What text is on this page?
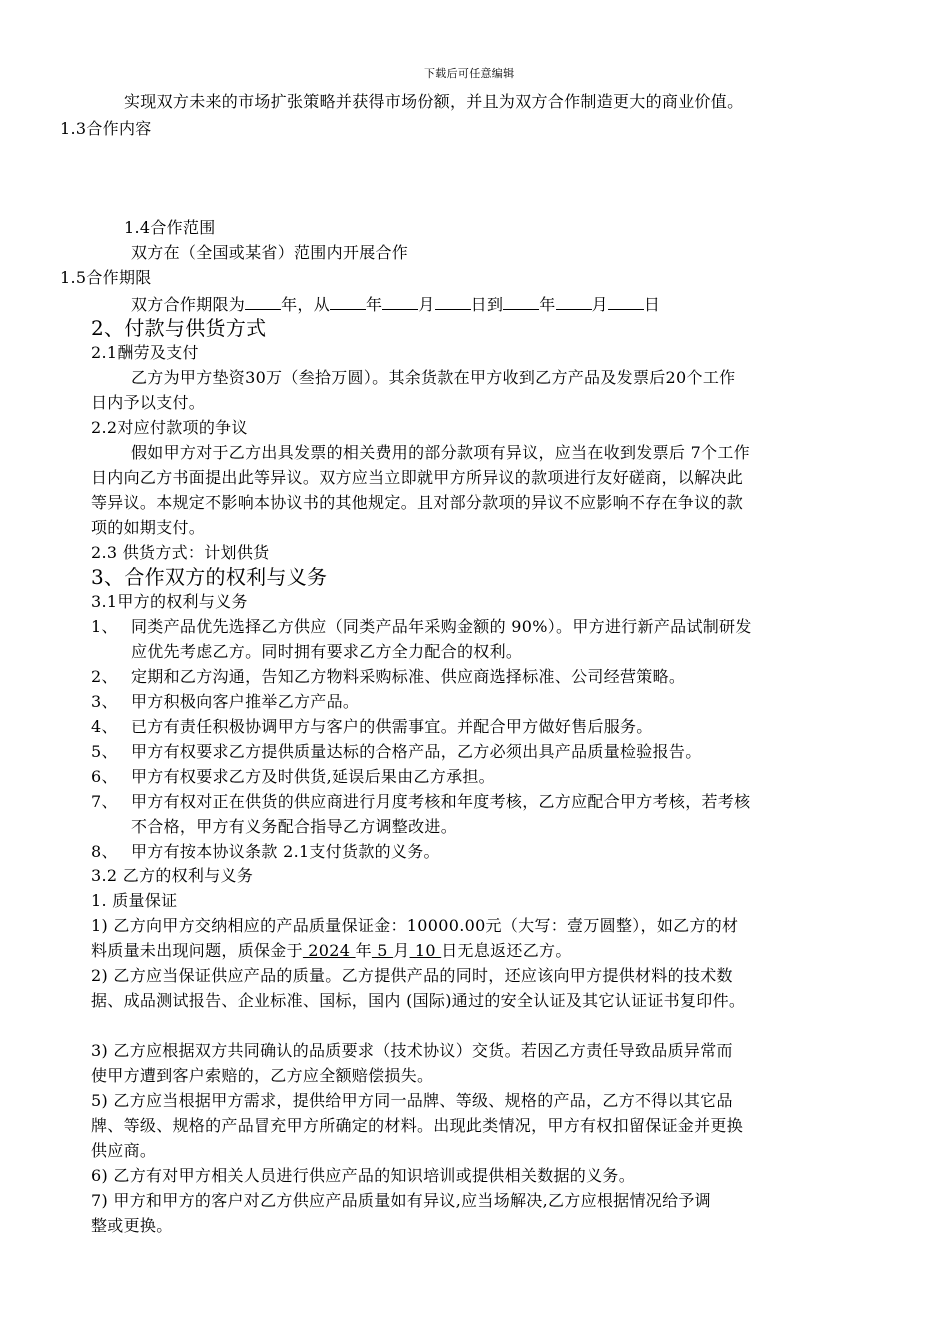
下载后可任意编辑
实现双方未来的市场扩张策略并获得市场份额，并且为双方合作制造更大的商业价值。
1.3合作内容
1.4合作范围
双方在（全国或某省）范围内开展合作
1.5合作期限
双方合作期限为 年，从 年 月 日到 年 月 日
2、付款与供货方式
2.1酬劳及支付
乙方为甲方垫资30万（叁拾万圆）。其余货款在甲方收到乙方产品及发票后20个工作
日内予以支付。
2.2对应付款项的争议
假如甲方对于乙方出具发票的相关费用的部分款项有异议，应当在收到发票后 7个工作
日内向乙方书面提出此等异议。双方应当立即就甲方所异议的款项进行友好磋商，以解决此
等异议。本规定不影响本协议书的其他规定。且对部分款项的异议不应影响不存在争议的款
项的如期支付。
2.3 供货方式：计划供货
3、合作双方的权利与义务
3.1甲方的权利与义务
1、 同类产品优先选择乙方供应（同类产品年采购金额的 90%）。甲方进行新产品试制研发
应优先考虑乙方。同时拥有要求乙方全力配合的权利。
2、 定期和乙方沟通，告知乙方物料采购标准、供应商选择标准、公司经营策略。
3、 甲方积极向客户推举乙方产品。
4、 已方有责任积极协调甲方与客户的供需事宜。并配合甲方做好售后服务。
5、 甲方有权要求乙方提供质量达标的合格产品，乙方必须出具产品质量检验报告。
6、 甲方有权要求乙方及时供货,延误后果由乙方承担。
7、 甲方有权对正在供货的供应商进行月度考核和年度考核，乙方应配合甲方考核，若考核
不合格，甲方有义务配合指导乙方调整改进。
8、 甲方有按本协议条款 2.1支付货款的义务。
3.2 乙方的权利与义务
1. 质量保证
1) 乙方向甲方交纳相应的产品质量保证金：10000.00元（大写：壹万圆整），如乙方的材
料质量未出现问题，质保金于 2024 年 5 月 10 日无息返还乙方。
2) 乙方应当保证供应产品的质量。乙方提供产品的同时，还应该向甲方提供材料的技术数
据、成品测试报告、企业标准、国标，国内 (国际)通过的安全认证及其它认证证书复印件。
3) 乙方应根据双方共同确认的品质要求（技术协议）交货。若因乙方责任导致品质异常而
使甲方遭到客户索赔的，乙方应全额赔偿损失。
5) 乙方应当根据甲方需求，提供给甲方同一品牌、等级、规格的产品，乙方不得以其它品
牌、等级、规格的产品冒充甲方所确定的材料。出现此类情况，甲方有权扣留保证金并更换
供应商。
6) 乙方有对甲方相关人员进行供应产品的知识培训或提供相关数据的义务。
7) 甲方和甲方的客户对乙方供应产品质量如有异议,应当场解决,乙方应根据情况给予调
整或更换。
